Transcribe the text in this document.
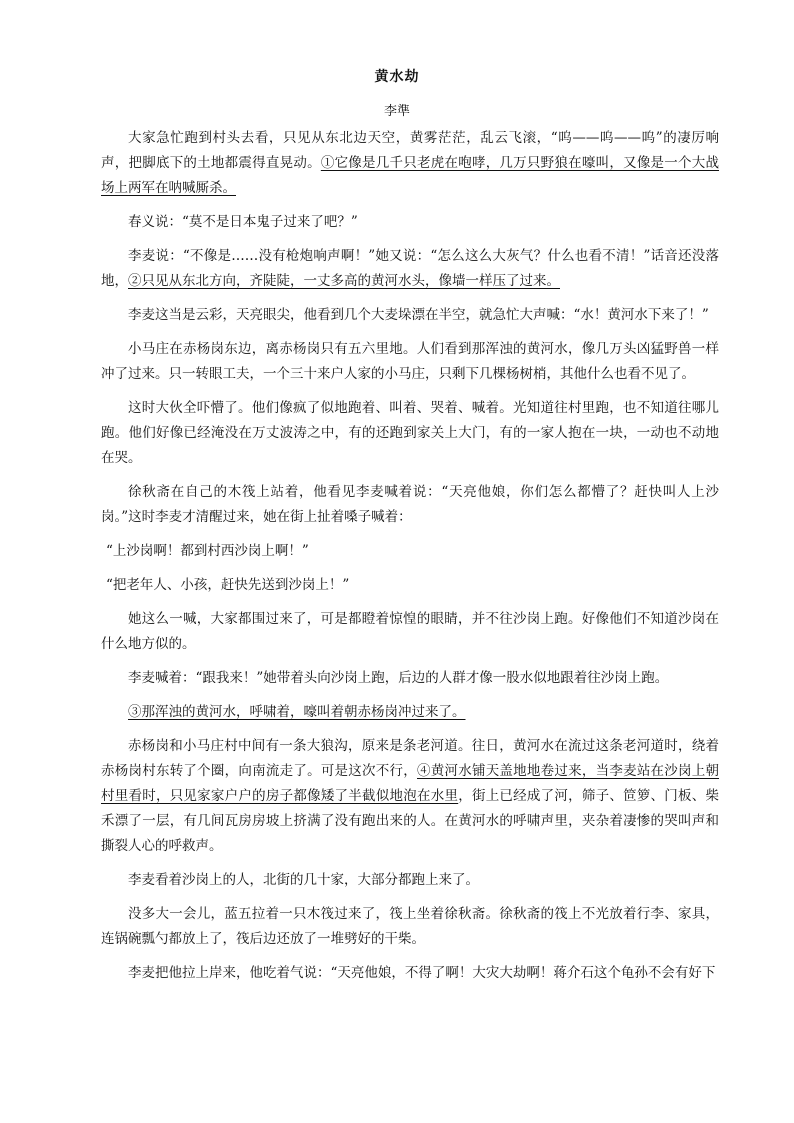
黄水劫
李準

大家急忙跑到村头去看，只见从东北边天空，黄雾茫茫，乱云飞滚，“呜——呜——呜”的凄厉响声，把脚底下的土地都震得直晃动。①它像是几千只老虎在咆哮，几万只野狼在嚎叫，又像是一个大战场上两军在呐喊厮杀。

春义说：“莫不是日本鬼子过来了吧？”

李麦说：“不像是……没有枪炮响声啊！”她又说：“怎么这么大灰气？什么也看不清！”话音还没落地，②只见从东北方向，齐陡陡，一丈多高的黄河水头，像墙一样压了过来。

李麦这当是云彩，天亮眼尖，他看到几个大麦垛漂在半空，就急忙大声喊：“水！黄河水下来了！”

小马庄在赤杨岗东边，离赤杨岗只有五六里地。人们看到那浑浊的黄河水，像几万头凶猛野兽一样冲了过来。只一转眼工夫，一个三十来户人家的小马庄，只剩下几棵杨树梢，其他什么也看不见了。

这时大伙全吓懵了。他们像疯了似地跑着、叫着、哭着、喊着。光知道往村里跑，也不知道往哪儿跑。他们好像已经淹没在万丈波涛之中，有的还跑到家关上大门，有的一家人抱在一块，一动也不动地在哭。

徐秋斋在自己的木筏上站着，他看见李麦喊着说：“天亮他娘，你们怎么都懵了？赶快叫人上沙岗。”这时李麦才清醒过来，她在街上扯着嗓子喊着：

“上沙岗啊！都到村西沙岗上啊！”

“把老年人、小孩，赶快先送到沙岗上！”

她这么一喊，大家都围过来了，可是都瞪着惊惶的眼睛，并不往沙岗上跑。好像他们不知道沙岗在什么地方似的。

李麦喊着：“跟我来！”她带着头向沙岗上跑，后边的人群才像一股水似地跟着往沙岗上跑。

③那浑浊的黄河水，呼啸着，嚎叫着朝赤杨岗冲过来了。

赤杨岗和小马庄村中间有一条大狼沟，原来是条老河道。往日，黄河水在流过这条老河道时，绕着赤杨岗村东转了个圈，向南流走了。可是这次不行，④黄河水铺天盖地地卷过来，当李麦站在沙岗上朝村里看时，只见家家户户的房子都像矮了半截似地泡在水里，街上已经成了河，筛子、笸箩、门板、柴禾漂了一层，有几间瓦房房坡上挤满了没有跑出来的人。在黄河水的呼啸声里，夹杂着凄惨的哭叫声和撕裂人心的呼救声。

李麦看着沙岗上的人，北街的几十家，大部分都跑上来了。

没多大一会儿，蓝五拉着一只木筏过来了，筏上坐着徐秋斋。徐秋斋的筏上不光放着行李、家具，连锅碗瓢勺都放上了，筏后边还放了一堆劈好的干柴。

李麦把他拉上岸来，他吃着气说：“天亮他娘，不得了啊！大灾大劫啊！蒋介石这个龟孙不会有好下
